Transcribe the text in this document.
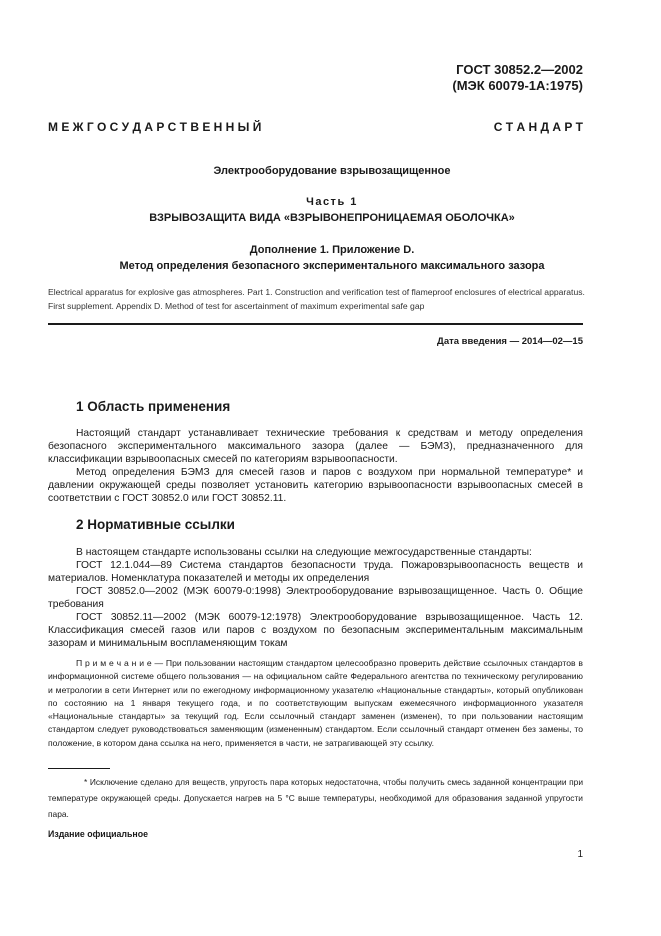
ГОСТ 30852.2—2002
(МЭК 60079-1А:1975)
М Е Ж Г О С У Д А Р С Т В Е Н Н Ы Й	С Т А Н Д А Р Т
Электрооборудование взрывозащищенное
Часть 1
ВЗРЫВОЗАЩИТА ВИДА «ВЗРЫВОНЕПРОНИЦАЕМАЯ ОБОЛОЧКА»
Дополнение 1. Приложение D.
Метод определения безопасного экспериментального максимального зазора
Electrical apparatus for explosive gas atmospheres. Part 1. Construction and verification test of flameproof enclosures of electrical apparatus. First supplement. Appendix D. Method of test for ascertainment of maximum experimental safe gap
Дата введения — 2014—02—15
1 Область применения
Настоящий стандарт устанавливает технические требования к средствам и методу определения безопасного экспериментального максимального зазора (далее — БЭМЗ), предназначенного для классификации взрывоопасных смесей по категориям взрывоопасности.
Метод определения БЭМЗ для смесей газов и паров с воздухом при нормальной температуре* и давлении окружающей среды позволяет установить категорию взрывоопасности взрывоопасных смесей в соответствии с ГОСТ 30852.0 или ГОСТ 30852.11.
2 Нормативные ссылки
В настоящем стандарте использованы ссылки на следующие межгосударственные стандарты:
ГОСТ 12.1.044—89 Система стандартов безопасности труда. Пожаровзрывоопасность веществ и материалов. Номенклатура показателей и методы их определения
ГОСТ 30852.0—2002 (МЭК 60079-0:1998) Электрооборудование взрывозащищенное. Часть 0. Общие требования
ГОСТ 30852.11—2002 (МЭК 60079-12:1978) Электрооборудование взрывозащищенное. Часть 12. Классификация смесей газов или паров с воздухом по безопасным экспериментальным максимальным зазорам и минимальным воспламеняющим токам
П р и м е ч а н и е — При пользовании настоящим стандартом целесообразно проверить действие ссылочных стандартов в информационной системе общего пользования — на официальном сайте Федерального агентства по техническому регулированию и метрологии в сети Интернет или по ежегодному информационному указателю «Национальные стандарты», который опубликован по состоянию на 1 января текущего года, и по соответствующим выпускам ежемесячного информационного указателя «Национальные стандарты» за текущий год. Если ссылочный стандарт заменен (изменен), то при пользовании настоящим стандартом следует руководствоваться заменяющим (измененным) стандартом. Если ссылочный стандарт отменен без замены, то положение, в котором дана ссылка на него, применяется в части, не затрагивающей эту ссылку.
* Исключение сделано для веществ, упругость пара которых недостаточна, чтобы получить смесь заданной концентрации при температуре окружающей среды. Допускается нагрев на 5 °С выше температуры, необходимой для образования заданной упругости пара.
Издание официальное
1
